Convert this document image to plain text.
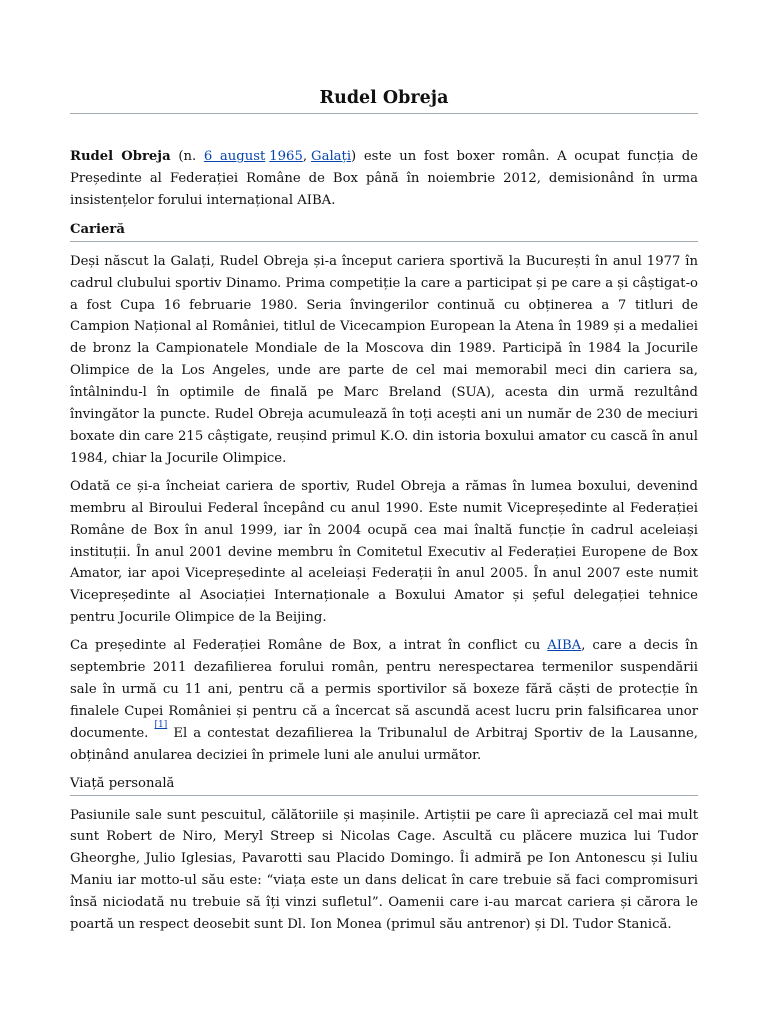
Rudel Obreja

Rudel Obreja (n. 6 august 1965, Galați) este un fost boxer român. A ocupat funcția de Președinte al Federației Române de Box până în noiembrie 2012, demisionând în urma insistențelor forului internațional AIBA.

Carieră

Deși născut la Galați, Rudel Obreja și-a început cariera sportivă la București în anul 1977 în cadrul clubului sportiv Dinamo. Prima competiție la care a participat și pe care a și câștigat-o a fost Cupa 16 februarie 1980. Seria învingerilor continuă cu obținerea a 7 titluri de Campion Național al României, titlul de Vicecampion European la Atena în 1989 și a medaliei de bronz la Campionatele Mondiale de la Moscova din 1989. Participă în 1984 la Jocurile Olimpice de la Los Angeles, unde are parte de cel mai memorabil meci din cariera sa, întâlnindu-l în optimile de finală pe Marc Breland (SUA), acesta din urmă rezultând învingător la puncte. Rudel Obreja acumulează în toți acești ani un număr de 230 de meciuri boxate din care 215 câștigate, reușind primul K.O. din istoria boxului amator cu cască în anul 1984, chiar la Jocurile Olimpice.

Odată ce și-a încheiat cariera de sportiv, Rudel Obreja a rămas în lumea boxului, devenind membru al Biroului Federal începând cu anul 1990. Este numit Vicepreședinte al Federației Române de Box în anul 1999, iar în 2004 ocupă cea mai înaltă funcție în cadrul aceleiași instituții. În anul 2001 devine membru în Comitetul Executiv al Federației Europene de Box Amator, iar apoi Vicepreședinte al aceleiași Federații în anul 2005. În anul 2007 este numit Vicepreședinte al Asociației Internaționale a Boxului Amator și șeful delegației tehnice pentru Jocurile Olimpice de la Beijing.

Ca președinte al Federației Române de Box, a intrat în conflict cu AIBA, care a decis în septembrie 2011 dezafilierea forului român, pentru nerespectarea termenilor suspendării sale în urmă cu 11 ani, pentru că a permis sportivilor să boxeze fără căști de protecție în finalele Cupei României și pentru că a încercat să ascundă acest lucru prin falsificarea unor documente. [1] El a contestat dezafilierea la Tribunalul de Arbitraj Sportiv de la Lausanne, obținând anularea deciziei în primele luni ale anului următor.

Viață personală

Pasiunile sale sunt pescuitul, călătoriile și mașinile. Artiștii pe care îi apreciază cel mai mult sunt Robert de Niro, Meryl Streep si Nicolas Cage. Ascultă cu plăcere muzica lui Tudor Gheorghe, Julio Iglesias, Pavarotti sau Placido Domingo. Îi admiră pe Ion Antonescu și Iuliu Maniu iar motto-ul său este: “viața este un dans delicat în care trebuie să faci compromisuri însă niciodată nu trebuie să îți vinzi sufletul”. Oamenii care i-au marcat cariera și cărora le poartă un respect deosebit sunt Dl. Ion Monea (primul său antrenor) și Dl. Tudor Stanică.
